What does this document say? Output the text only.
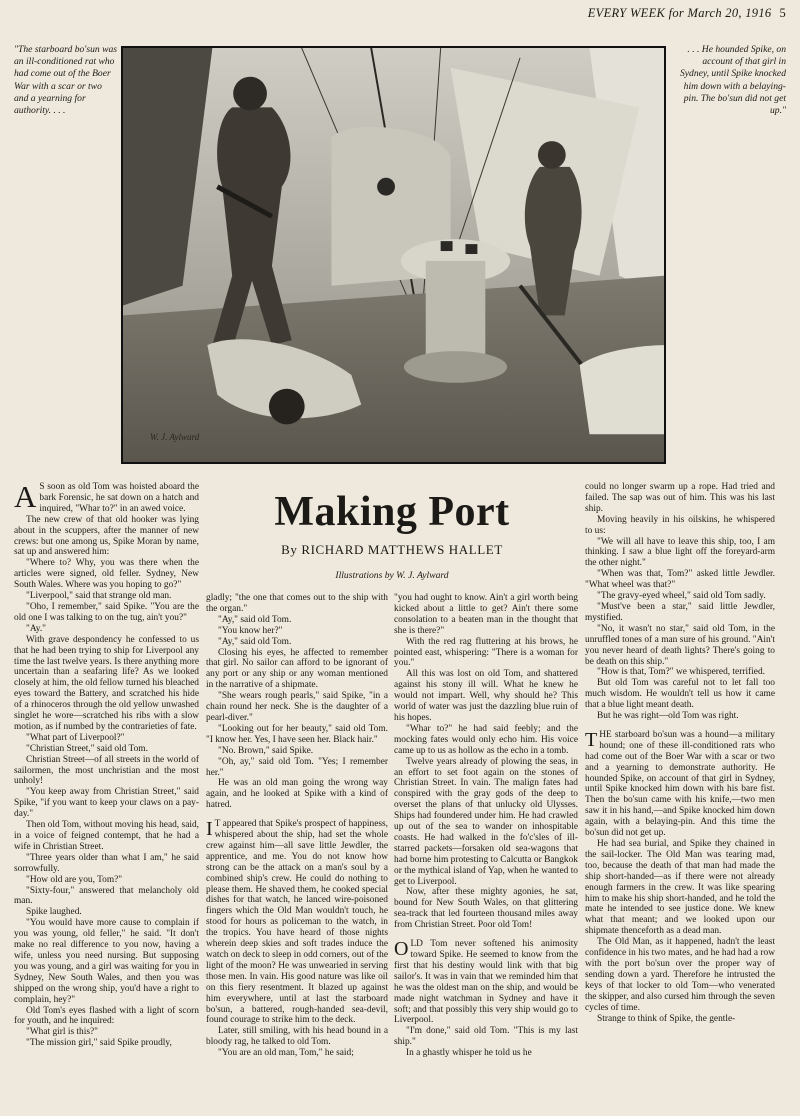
EVERY WEEK for March 20, 1916 5
"The starboard bo'sun was an ill-conditioned rat who had come out of the Boer War with a scar or two and a yearning for authority. . . .
. . . He hounded Spike, on account of that girl in Sydney, until Spike knocked him down with a belaying-pin. The bo'sun did not get up."
W. J. Aylward

A S soon as old Tom was hoisted aboard the bark Forensic, he sat down on a hatch and inquired, "Whar to?" in an awed voice.

The new crew of that old hooker was lying about in the scuppers, after the manner of new crews: but one among us, Spike Moran by name, sat up and answered him:

"Where to? Why, you was there when the articles were signed, old feller. Sydney, New South Wales. Where was you hoping to go?"

"Liverpool," said that strange old man.

"Oho, I remember," said Spike. "You are the old one I was talking to on the tug, ain't you?"

"Ay."

With grave despondency he confessed to us that he had been trying to ship for Liverpool any time the last twelve years. Is there anything more uncertain than a seafaring life? As we looked closely at him, the old fellow turned his bleached eyes toward the Battery, and scratched his hide of a rhinoceros through the old yellow unwashed singlet he wore—scratched his ribs with a slow motion, as if numbed by the contrarieties of fate.

"What part of Liverpool?"

"Christian Street," said old Tom.

Christian Street—of all streets in the world of sailormen, the most unchristian and the most unholy!

"You keep away from Christian Street," said Spike, "if you want to keep your claws on a pay-day."

Then old Tom, without moving his head, said, in a voice of feigned contempt, that he had a wife in Christian Street.

"Three years older than what I am," he said sorrowfully.

"How old are you, Tom?"

"Sixty-four," answered that melancholy old man.

Spike laughed.

"You would have more cause to complain if you was young, old feller," he said. "It don't make no real difference to you now, having a wife, unless you need nursing. But supposing you was young, and a girl was waiting for you in Sydney, New South Wales, and then you was shipped on the wrong ship, you'd have a right to complain, hey?"

Old Tom's eyes flashed with a light of scorn for youth, and he inquired:

"What girl is this?"

"The mission girl," said Spike proudly,

Making Port
By RICHARD MATTHEWS HALLET
Illustrations by W. J. Aylward

gladly; "the one that comes out to the ship with the organ."

"Ay," said old Tom.

"You know her?"

"Ay," said old Tom.

Closing his eyes, he affected to remember that girl. No sailor can afford to be ignorant of any port or any ship or any woman mentioned in the narrative of a shipmate.

"She wears rough pearls," said Spike, "in a chain round her neck. She is the daughter of a pearl-diver."

"Looking out for her beauty," said old Tom. "I know her. Yes, I have seen her. Black hair."

"No. Brown," said Spike.

"Oh, ay," said old Tom. "Yes; I remember her."

He was an old man going the wrong way again, and he looked at Spike with a kind of hatred.

I T appeared that Spike's prospect of happiness, whispered about the ship, had set the whole crew against him—all save little Jewdler, the apprentice, and me. You do not know how strong can be the attack on a man's soul by a combined ship's crew. He could do nothing to please them. He shaved them, he cooked special dishes for that watch, he lanced wire-poisoned fingers which the Old Man wouldn't touch, he stood for hours as policeman to the watch, in the tropics. You have heard of those nights wherein deep skies and soft trades induce the watch on deck to sleep in odd corners, out of the light of the moon? He was unwearied in serving those men. In vain. His good nature was like oil on this fiery resentment. It blazed up against him everywhere, until at last the starboard bo'sun, a battered, rough-handed sea-devil, found courage to strike him to the deck.

Later, still smiling, with his head bound in a bloody rag, he talked to old Tom.

"You are an old man, Tom," he said;

"you had ought to know. Ain't a girl worth being kicked about a little to get? Ain't there some consolation to a beaten man in the thought that she is there?"

With the red rag fluttering at his brows, he pointed east, whispering: "There is a woman for you."

All this was lost on old Tom, and shattered against his stony ill will. What he knew he would not impart. Well, why should he? This world of water was just the dazzling blue ruin of his hopes.

"Whar to?" he had said feebly; and the mocking fates would only echo him. His voice came up to us as hollow as the echo in a tomb.

Twelve years already of plowing the seas, in an effort to set foot again on the stones of Christian Street. In vain. The malign fates had conspired with the gray gods of the deep to overset the plans of that unlucky old Ulysses. Ships had foundered under him. He had crawled up out of the sea to wander on inhospitable coasts. He had walked in the fo'c'sles of ill-starred packets—forsaken old sea-wagons that had borne him protesting to Calcutta or Bangkok or the mythical island of Yap, when he wanted to get to Liverpool.

Now, after these mighty agonies, he sat, bound for New South Wales, on that glittering sea-track that led fourteen thousand miles away from Christian Street. Poor old Tom!

OLD Tom never softened his animosity toward Spike. He seemed to know from the first that his destiny would link with that big sailor's. It was in vain that we reminded him that he was the oldest man on the ship, and would be made night watchman in Sydney and have it soft; and that possibly this very ship would go to Liverpool.

"I'm done," said old Tom. "This is my last ship."

In a ghastly whisper he told us he

could no longer swarm up a rope. Had tried and failed. The sap was out of him. This was his last ship.

Moving heavily in his oilskins, he whispered to us:

"We will all have to leave this ship, too, I am thinking. I saw a blue light off the foreyard-arm the other night."

"When was that, Tom?" asked little Jewdler. "What wheel was that?"

"The gravy-eyed wheel," said old Tom sadly.

"Must've been a star," said little Jewdler, mystified.

"No, it wasn't no star," said old Tom, in the unruffled tones of a man sure of his ground. "Ain't you never heard of death lights? There's going to be death on this ship."

"How is that, Tom?" we whispered, terrified.

But old Tom was careful not to let fall too much wisdom. He wouldn't tell us how it came that a blue light meant death.

But he was right—old Tom was right.

THE starboard bo'sun was a hound—a military hound; one of these ill-conditioned rats who had come out of the Boer War with a scar or two and a yearning to demonstrate authority. He hounded Spike, on account of that girl in Sydney, until Spike knocked him down with his bare fist. Then the bo'sun came with his knife,—two men saw it in his hand,—and Spike knocked him down again, with a belaying-pin. And this time the bo'sun did not get up.

He had sea burial, and Spike they chained in the sail-locker. The Old Man was tearing mad, too, because the death of that man had made the ship short-handed—as if there were not already enough farmers in the crew. It was like spearing him to make his ship short-handed, and he told the mate he intended to see justice done. We knew what that meant; and we looked upon our shipmate thenceforth as a dead man.

The Old Man, as it happened, hadn't the least confidence in his two mates, and he had had a row with the port bo'sun over the proper way of sending down a yard. Therefore he intrusted the keys of that locker to old Tom—who venerated the skipper, and also cursed him through the seven cycles of time.

Strange to think of Spike, the gentle-
